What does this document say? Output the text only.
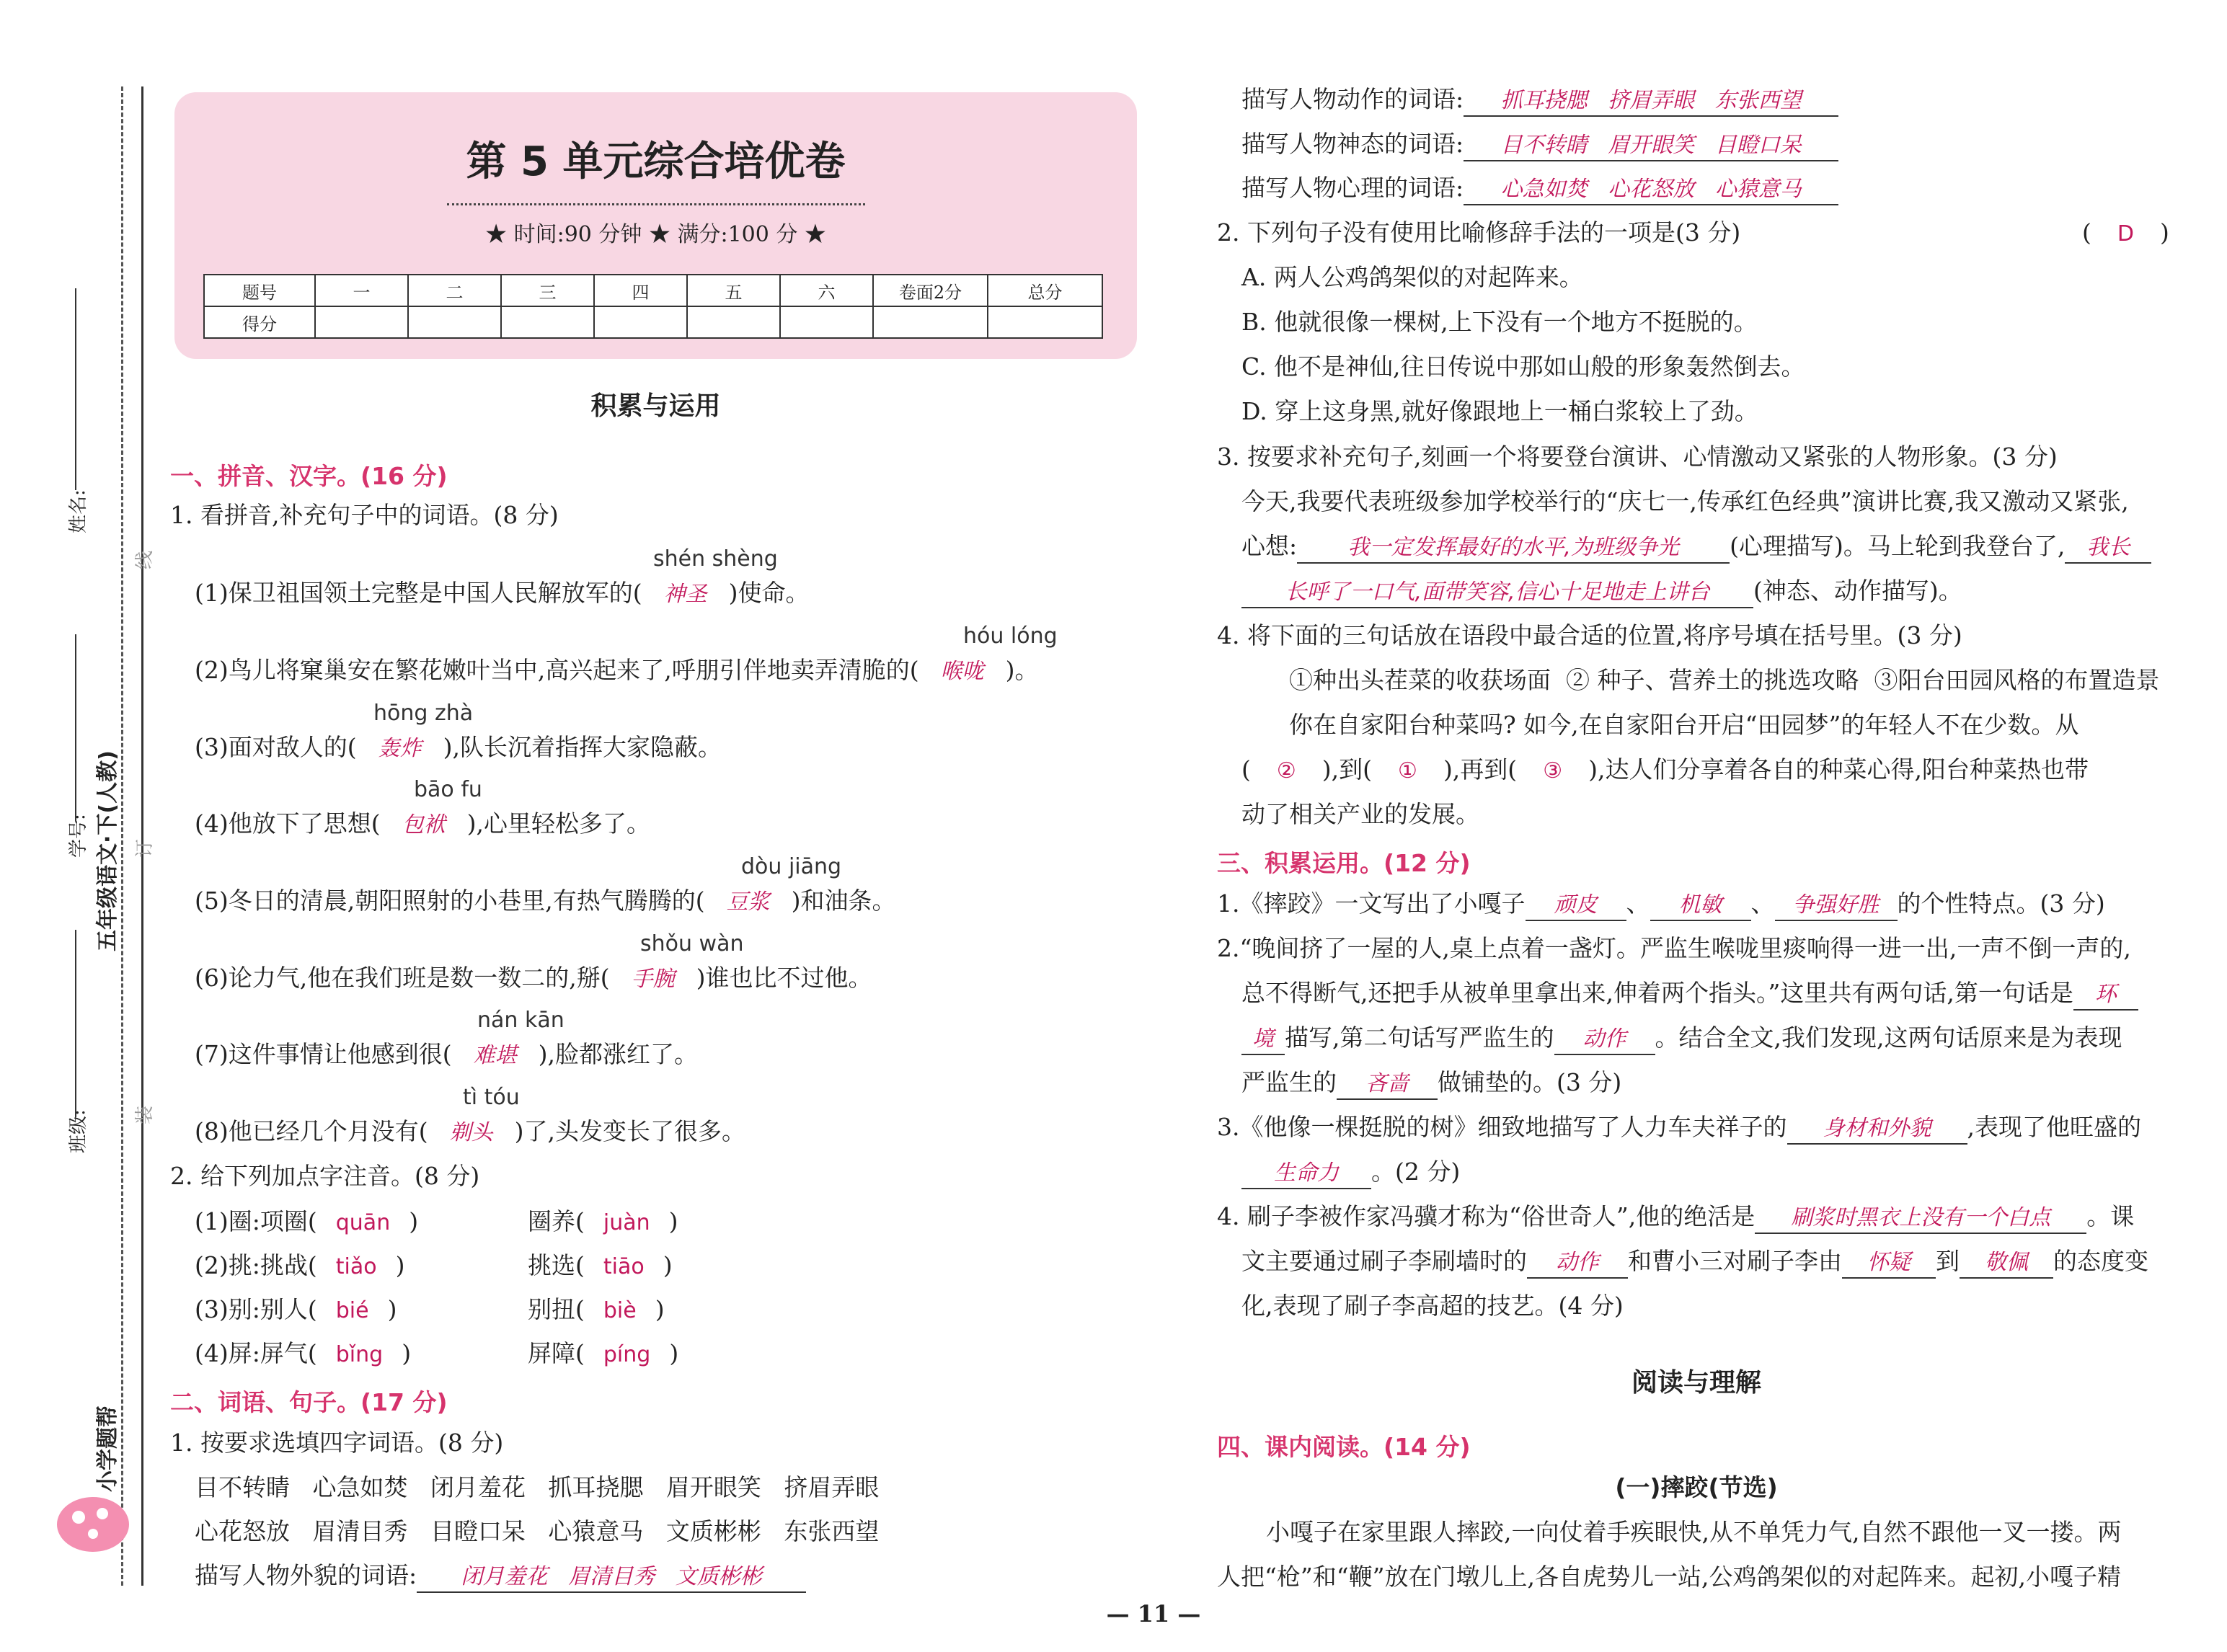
线
订
装
姓名:
学号:
班级:
五年级语文·下(人教)
小学题帮
第 5 单元综合培优卷
★ 时间:90 分钟 ★ 满分:100 分 ★
题号	一	二	三	四	五	六	卷面2分	总分
得分								
积累与运用
一、拼音、汉字。(16 分)
1. 看拼音,补充句子中的词语。(8 分)
shén shèng
(1)保卫祖国领土完整是中国人民解放军的( 神圣 )使命。
hóu lóng
(2)鸟儿将窠巢安在繁花嫩叶当中,高兴起来了,呼朋引伴地卖弄清脆的( 喉咙 )。
hōng zhà
(3)面对敌人的( 轰炸 ),队长沉着指挥大家隐蔽。
bāo fu
(4)他放下了思想( 包袱 ),心里轻松多了。
dòu jiāng
(5)冬日的清晨,朝阳照射的小巷里,有热气腾腾的( 豆浆 )和油条。
shǒu wàn
(6)论力气,他在我们班是数一数二的,掰( 手腕 )谁也比不过他。
nán kān
(7)这件事情让他感到很( 难堪 ),脸都涨红了。
tì tóu
(8)他已经几个月没有( 剃头 )了,头发变长了很多。
2. 给下列加点字注音。(8 分)
(1)圈:项圈( quān )	圈养( juàn )
(2)挑:挑战( tiǎo )	挑选( tiāo )
(3)别:别人( bié )	别扭( biè )
(4)屏:屏气( bǐng )	屏障( píng )
二、词语、句子。(17 分)
1. 按要求选填四字词语。(8 分)
目不转睛   心急如焚   闭月羞花   抓耳挠腮   眉开眼笑   挤眉弄眼
心花怒放   眉清目秀   目瞪口呆   心猿意马   文质彬彬   东张西望
描写人物外貌的词语: 闭月羞花   眉清目秀   文质彬彬
描写人物动作的词语: 抓耳挠腮   挤眉弄眼   东张西望
描写人物神态的词语: 目不转睛   眉开眼笑   目瞪口呆
描写人物心理的词语: 心急如焚   心花怒放   心猿意马
2. 下列句子没有使用比喻修辞手法的一项是(3 分)	( D )
A. 两人公鸡鸽架似的对起阵来。
B. 他就很像一棵树,上下没有一个地方不挺脱的。
C. 他不是神仙,往日传说中那如山般的形象轰然倒去。
D. 穿上这身黑,就好像跟地上一桶白浆较上了劲。
3. 按要求补充句子,刻画一个将要登台演讲、心情激动又紧张的人物形象。(3 分)
今天,我要代表班级参加学校举行的“庆七一,传承红色经典”演讲比赛,我又激动又紧张,
心想: 我一定发挥最好的水平,为班级争光 (心理描写)。马上轮到我登台了, 我长
长呼了一口气,面带笑容,信心十足地走上讲台 (神态、动作描写)。
4. 将下面的三句话放在语段中最合适的位置,将序号填在括号里。(3 分)
①种出头茬菜的收获场面  ② 种子、营养土的挑选攻略  ③阳台田园风格的布置造景
你在自家阳台种菜吗? 如今,在自家阳台开启“田园梦”的年轻人不在少数。从
( ② ),到( ① ),再到( ③ ),达人们分享着各自的种菜心得,阳台种菜热也带
动了相关产业的发展。
三、积累运用。(12 分)
1.《摔跤》一文写出了小嘎子 顽皮 、 机敏 、 争强好胜 的个性特点。(3 分)
2.“晚间挤了一屋的人,桌上点着一盏灯。严监生喉咙里痰响得一进一出,一声不倒一声的,
总不得断气,还把手从被单里拿出来,伸着两个指头。”这里共有两句话,第一句话是 环
境 描写,第二句话写严监生的 动作 。结合全文,我们发现,这两句话原来是为表现
严监生的 吝啬 做铺垫的。(3 分)
3.《他像一棵挺脱的树》细致地描写了人力车夫祥子的 身材和外貌 ,表现了他旺盛的
生命力 。(2 分)
4. 刷子李被作家冯骥才称为“俗世奇人”,他的绝活是 刷浆时黑衣上没有一个白点 。课
文主要通过刷子李刷墙时的 动作 和曹小三对刷子李由 怀疑 到 敬佩 的态度变
化,表现了刷子李高超的技艺。(4 分)
阅读与理解
四、课内阅读。(14 分)
(一)摔跤(节选)
小嘎子在家里跟人摔跤,一向仗着手疾眼快,从不单凭力气,自然不跟他一叉一搂。两
人把“枪”和“鞭”放在门墩儿上,各自虎势儿一站,公鸡鸽架似的对起阵来。起初,小嘎子精
— 11 —
